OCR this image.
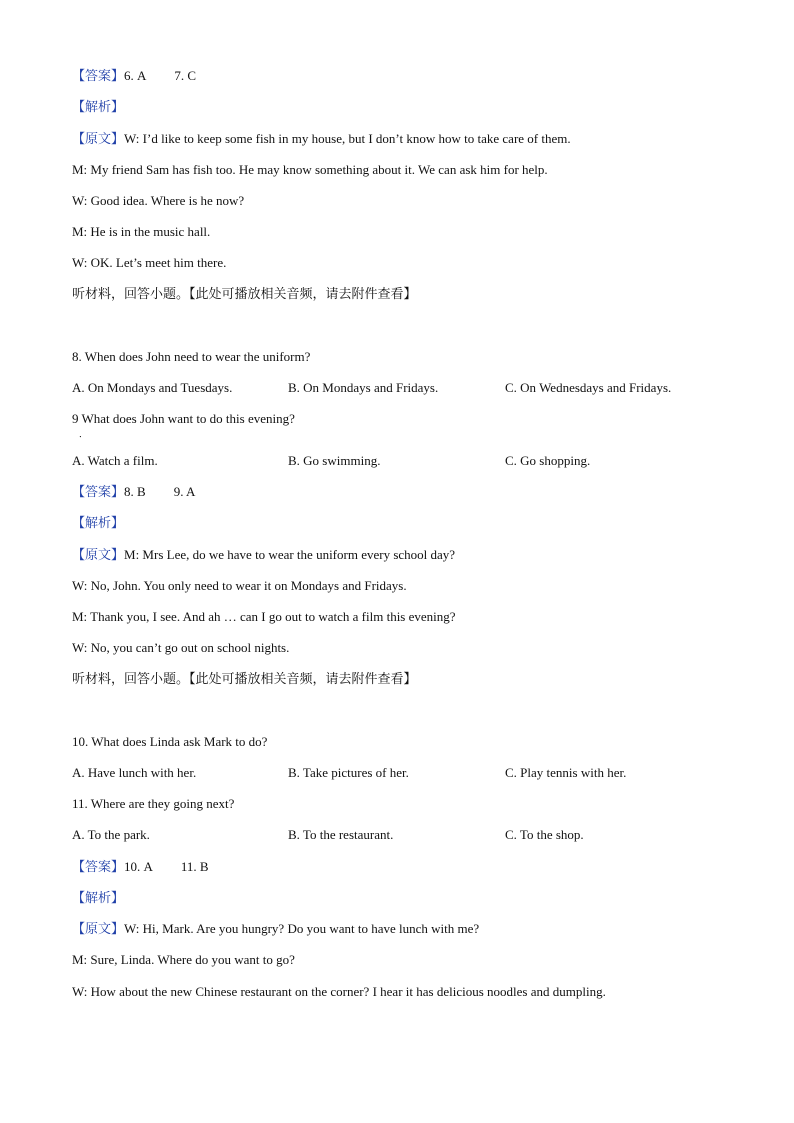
【答案】6. A 7. C
【解析】
【原文】W: I’d like to keep some fish in my house, but I don’t know how to take care of them.
M: My friend Sam has fish too. He may know something about it. We can ask him for help.
W: Good idea. Where is he now?
M: He is in the music hall.
W: OK. Let’s meet him there.
听材料，回答小题。【此处可播放相关音频，请去附件查看】
8. When does John need to wear the uniform?
A. On Mondays and Tuesdays.	B. On Mondays and Fridays.	C. On Wednesdays and Fridays.
9 What does John want to do this evening?
．
A. Watch a film.	B. Go swimming.	C. Go shopping.
【答案】8. B 9. A
【解析】
【原文】M: Mrs Lee, do we have to wear the uniform every school day?
W: No, John. You only need to wear it on Mondays and Fridays.
M: Thank you, I see. And ah … can I go out to watch a film this evening?
W: No, you can’t go out on school nights.
听材料，回答小题。【此处可播放相关音频，请去附件查看】
10. What does Linda ask Mark to do?
A. Have lunch with her.	B. Take pictures of her.	C. Play tennis with her.
11. Where are they going next?
A. To the park.	B. To the restaurant.	C. To the shop.
【答案】10. A 11. B
【解析】
【原文】W: Hi, Mark. Are you hungry? Do you want to have lunch with me?
M: Sure, Linda. Where do you want to go?
W: How about the new Chinese restaurant on the corner? I hear it has delicious noodles and dumpling.
